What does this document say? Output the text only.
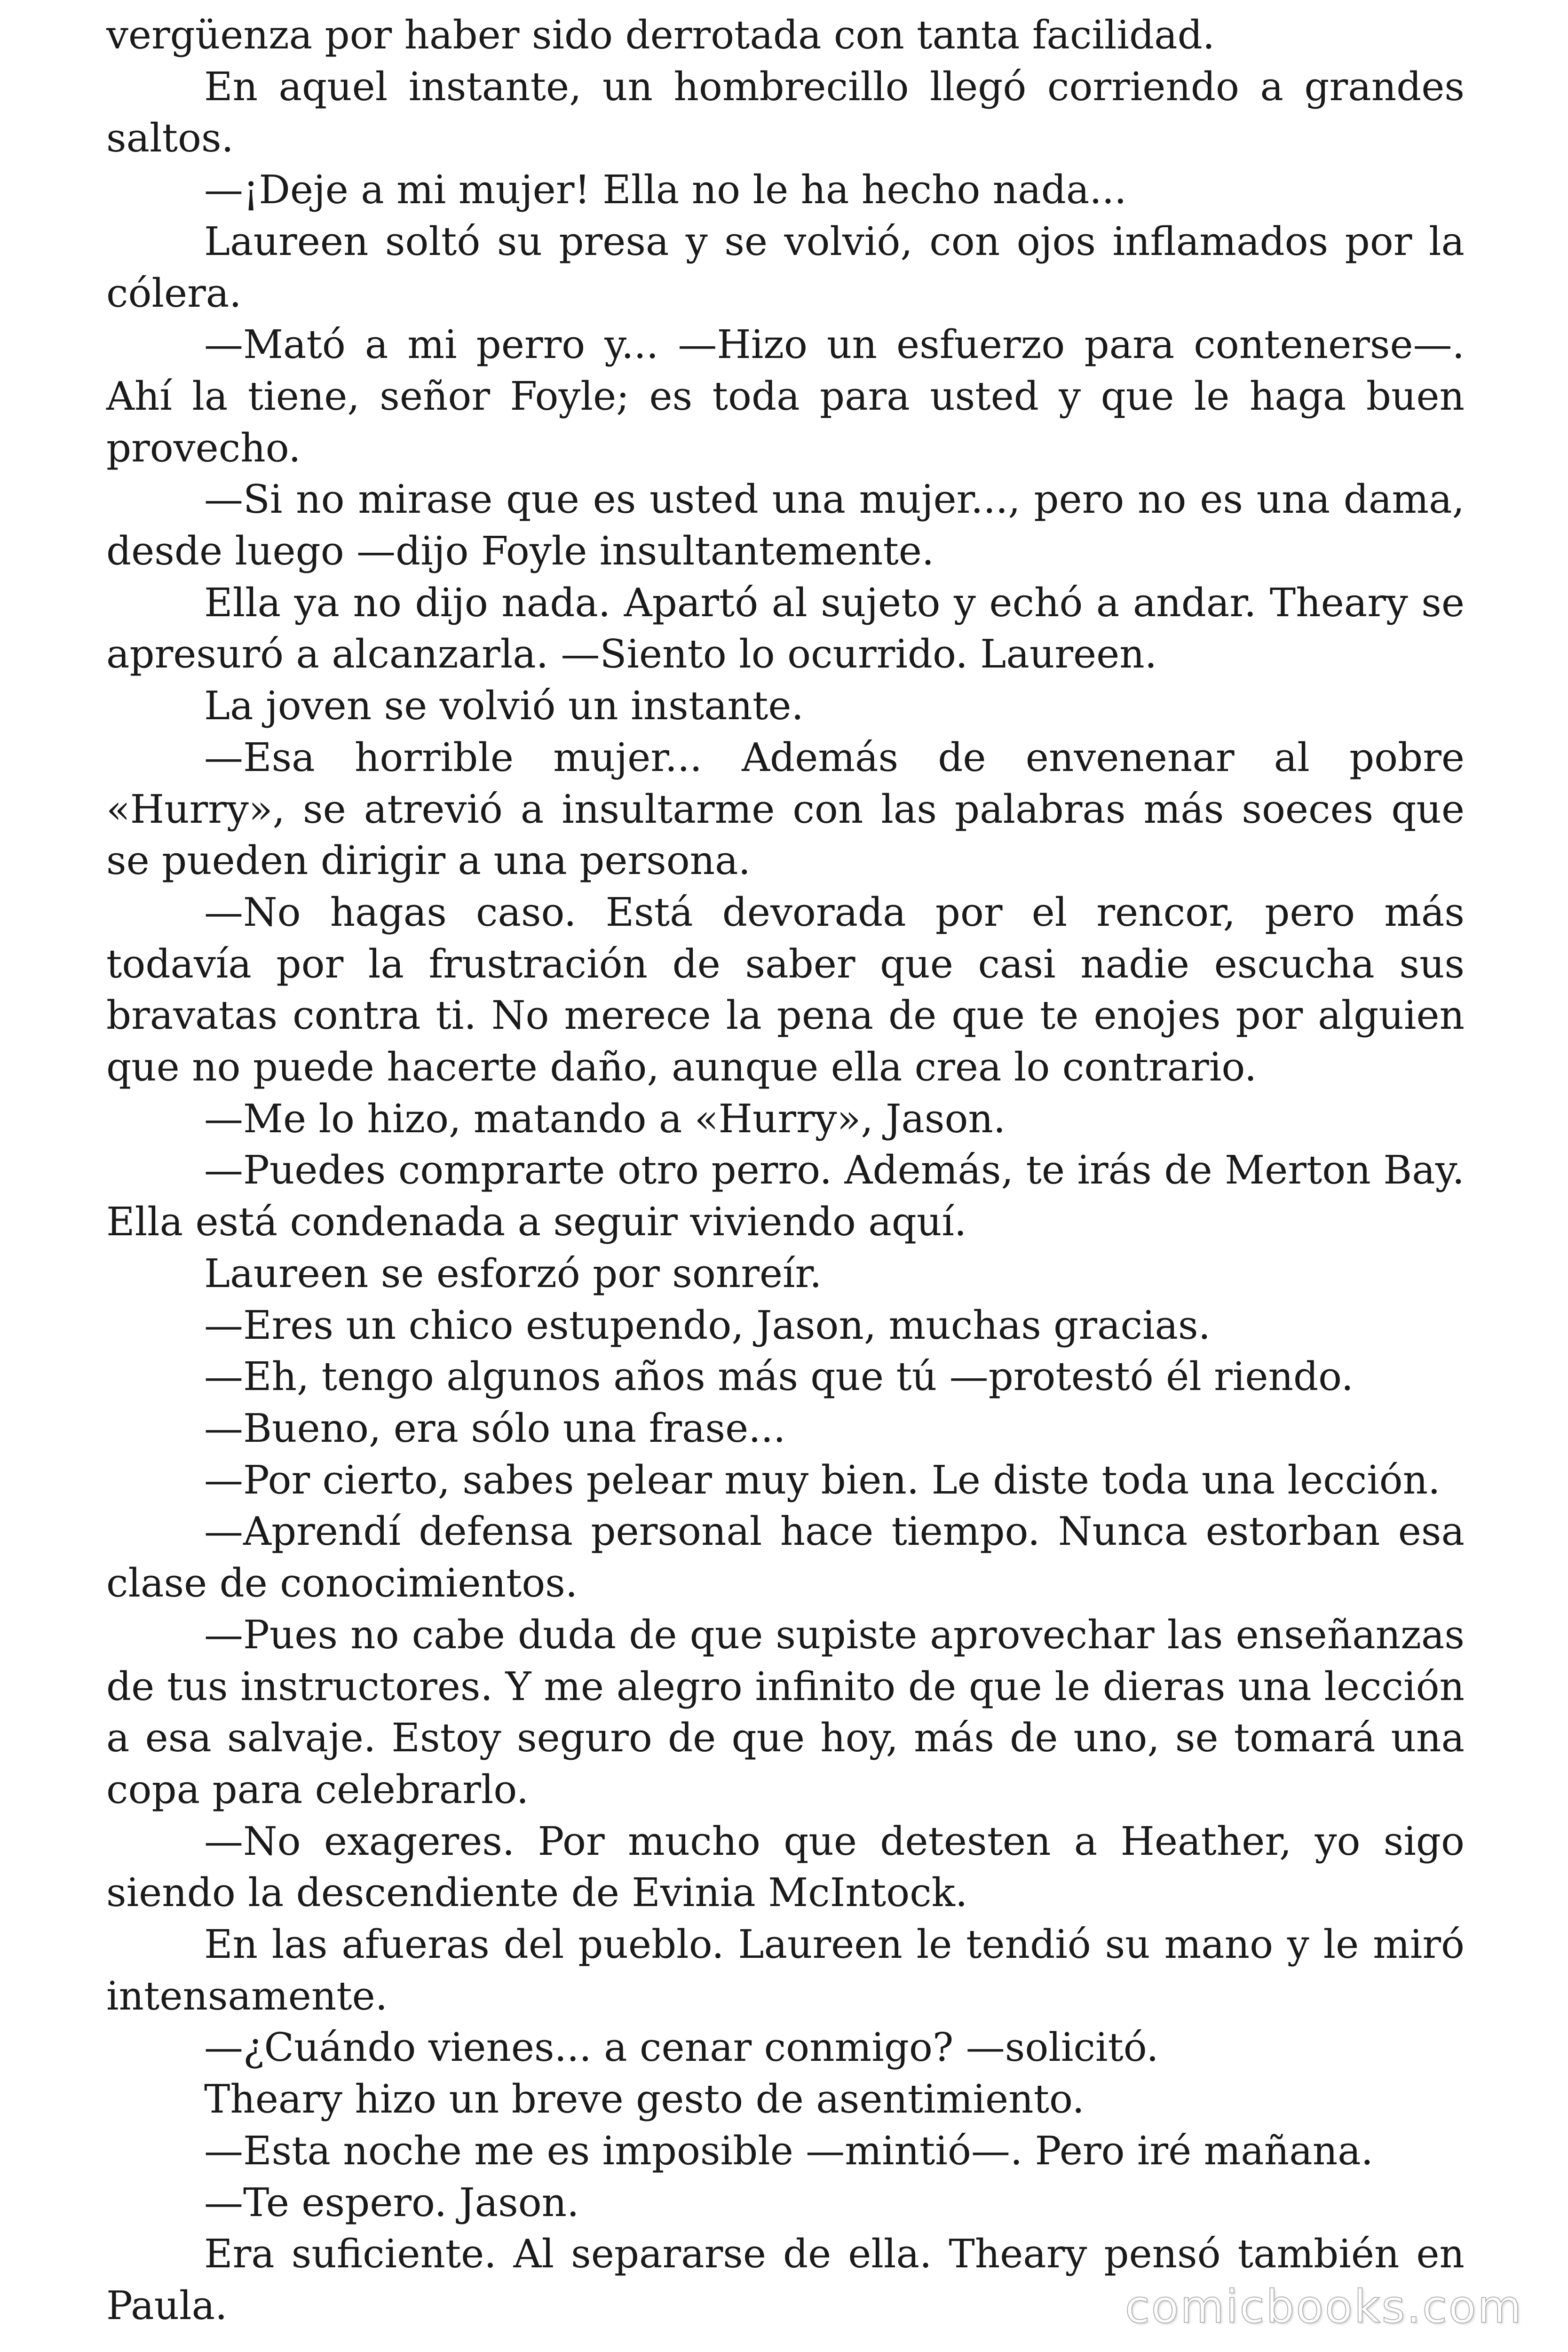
vergüenza por haber sido derrotada con tanta facilidad.

En aquel instante, un hombrecillo llegó corriendo a grandes saltos.

—¡Deje a mi mujer! Ella no le ha hecho nada...

Laureen soltó su presa y se volvió, con ojos inflamados por la cólera.

—Mató a mi perro y... —Hizo un esfuerzo para contenerse—. Ahí la tiene, señor Foyle; es toda para usted y que le haga buen provecho.

—Si no mirase que es usted una mujer..., pero no es una dama, desde luego —dijo Foyle insultantemente.

Ella ya no dijo nada. Apartó al sujeto y echó a andar. Theary se apresuró a alcanzarla. —Siento lo ocurrido. Laureen.

La joven se volvió un instante.

—Esa horrible mujer... Además de envenenar al pobre «Hurry», se atrevió a insultarme con las palabras más soeces que se pueden dirigir a una persona.

—No hagas caso. Está devorada por el rencor, pero más todavía por la frustración de saber que casi nadie escucha sus bravatas contra ti. No merece la pena de que te enojes por alguien que no puede hacerte daño, aunque ella crea lo contrario.

—Me lo hizo, matando a «Hurry», Jason.

—Puedes comprarte otro perro. Además, te irás de Merton Bay. Ella está condenada a seguir viviendo aquí.

Laureen se esforzó por sonreír.

—Eres un chico estupendo, Jason, muchas gracias.

—Eh, tengo algunos años más que tú —protestó él riendo.

—Bueno, era sólo una frase...

—Por cierto, sabes pelear muy bien. Le diste toda una lección.

—Aprendí defensa personal hace tiempo. Nunca estorban esa clase de conocimientos.

—Pues no cabe duda de que supiste aprovechar las enseñanzas de tus instructores. Y me alegro infinito de que le dieras una lección a esa salvaje. Estoy seguro de que hoy, más de uno, se tomará una copa para celebrarlo.

—No exageres. Por mucho que detesten a Heather, yo sigo siendo la descendiente de Evinia McIntock.

En las afueras del pueblo. Laureen le tendió su mano y le miró intensamente.

—¿Cuándo vienes... a cenar conmigo? —solicitó.

Theary hizo un breve gesto de asentimiento.

—Esta noche me es imposible —mintió—. Pero iré mañana.

—Te espero. Jason.

Era suficiente. Al separarse de ella. Theary pensó también en Paula.	comicbooks.com
